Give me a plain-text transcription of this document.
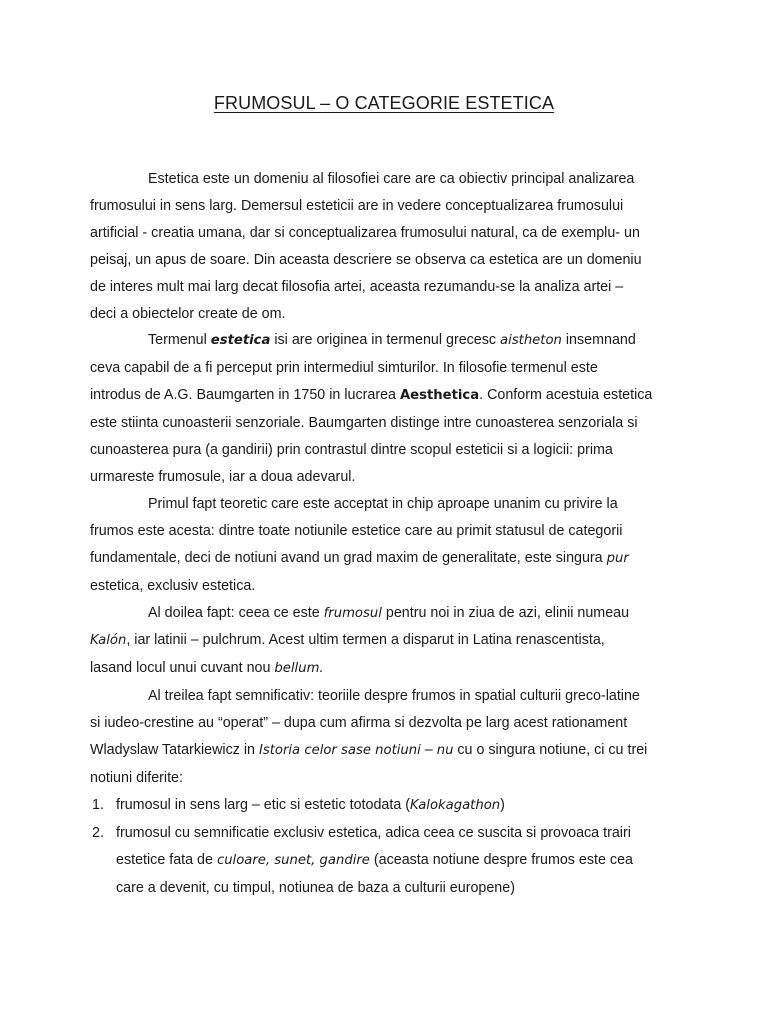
FRUMOSUL – O CATEGORIE ESTETICA

Estetica este un domeniu al filosofiei care are ca obiectiv principal analizarea
frumosului in sens larg. Demersul esteticii are in vedere conceptualizarea frumosului
artificial - creatia umana, dar si conceptualizarea frumosului natural, ca de exemplu- un
peisaj, un apus de soare. Din aceasta descriere se observa ca estetica are un domeniu
de interes mult mai larg decat filosofia artei, aceasta rezumandu-se la analiza artei –
deci a obiectelor create de om.

Termenul estetica isi are originea in termenul grecesc aistheton insemnand
ceva capabil de a fi perceput prin intermediul simturilor. In filosofie termenul este
introdus de A.G. Baumgarten in 1750 in lucrarea Aesthetica. Conform acestuia estetica
este stiinta cunoasterii senzoriale. Baumgarten distinge intre cunoasterea senzoriala si
cunoasterea pura (a gandirii) prin contrastul dintre scopul esteticii si a logicii: prima
urmareste frumosule, iar a doua adevarul.

Primul fapt teoretic care este acceptat in chip aproape unanim cu privire la
frumos este acesta: dintre toate notiunile estetice care au primit statusul de categorii
fundamentale, deci de notiuni avand un grad maxim de generalitate, este singura pur
estetica, exclusiv estetica.

Al doilea fapt: ceea ce este frumosul pentru noi in ziua de azi, elinii numeau
Kalón, iar latinii – pulchrum. Acest ultim termen a disparut in Latina renascentista,
lasand locul unui cuvant nou bellum.

Al treilea fapt semnificativ: teoriile despre frumos in spatial culturii greco-latine
si iudeo-crestine au “operat” – dupa cum afirma si dezvolta pe larg acest rationament
Wladyslaw Tatarkiewicz in Istoria celor sase notiuni – nu cu o singura notiune, ci cu trei
notiuni diferite:

1. frumosul in sens larg – etic si estetic totodata (Kalokagathon)
2. frumosul cu semnificatie exclusiv estetica, adica ceea ce suscita si provoaca trairi
estetice fata de culoare, sunet, gandire (aceasta notiune despre frumos este cea
care a devenit, cu timpul, notiunea de baza a culturii europene)
